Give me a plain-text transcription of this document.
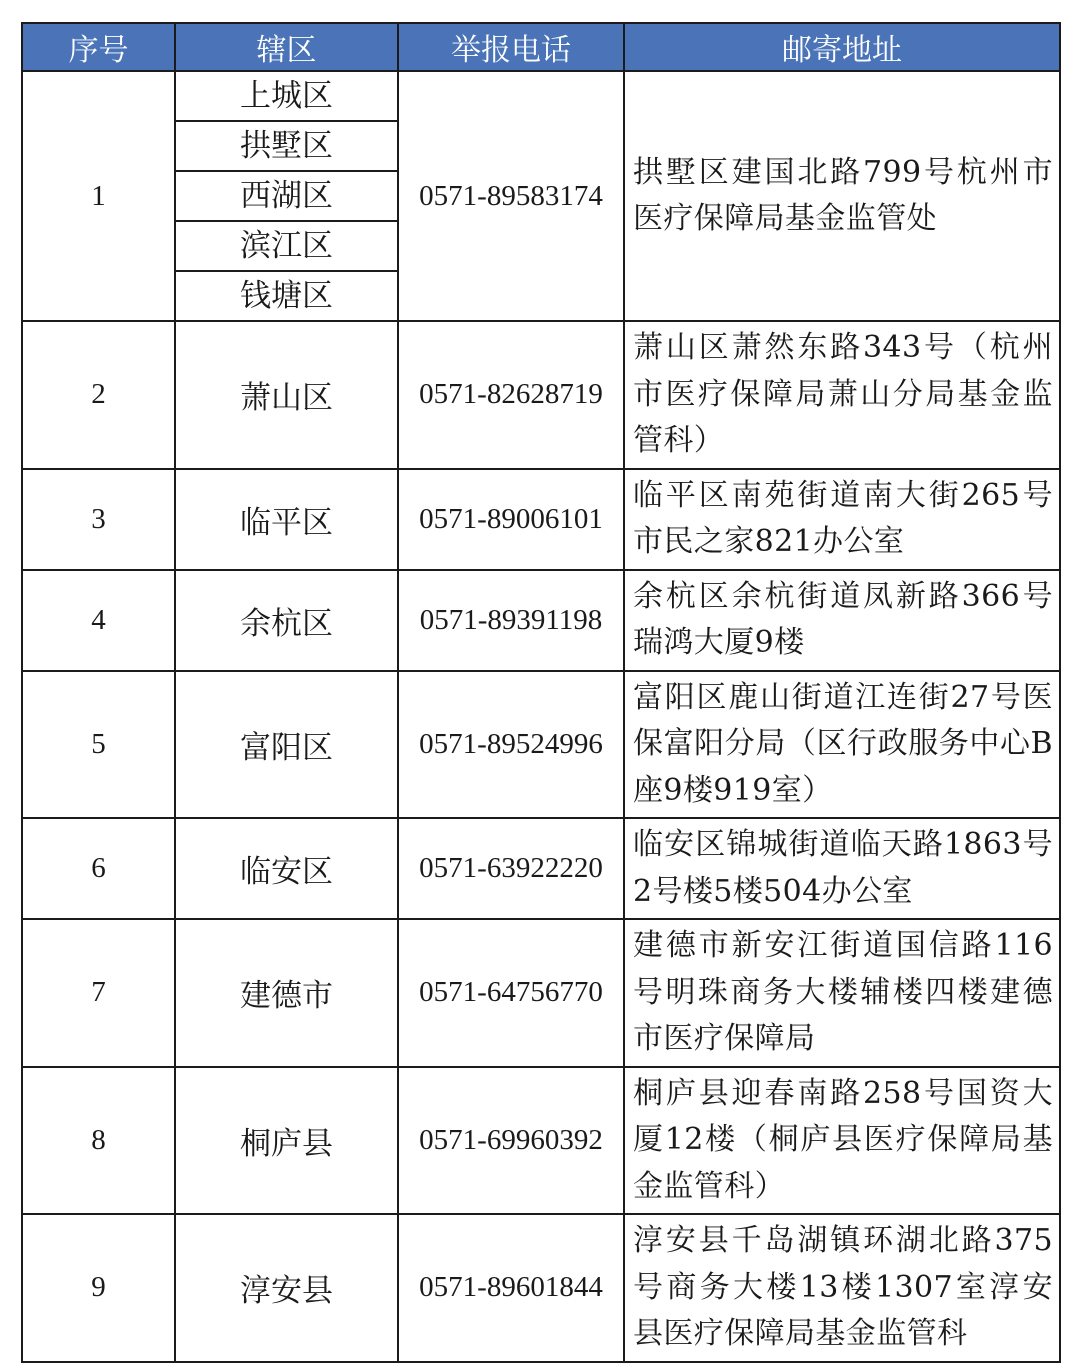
序号	辖区	举报电话	邮寄地址
1	上城区
拱墅区
西湖区
滨江区
钱塘区	0571-89583174	拱墅区建国北路799号杭州市医疗保障局基金监管处
2	萧山区	0571-82628719	萧山区萧然东路343号（杭州市医疗保障局萧山分局基金监管科）
3	临平区	0571-89006101	临平区南苑街道南大街265号市民之家821办公室
4	余杭区	0571-89391198	余杭区余杭街道凤新路366号瑞鸿大厦9楼
5	富阳区	0571-89524996	富阳区鹿山街道江连街27号医保富阳分局（区行政服务中心B座9楼919室）
6	临安区	0571-63922220	临安区锦城街道临天路1863号2号楼5楼504办公室
7	建德市	0571-64756770	建德市新安江街道国信路116号明珠商务大楼辅楼四楼建德市医疗保障局
8	桐庐县	0571-69960392	桐庐县迎春南路258号国资大厦12楼（桐庐县医疗保障局基金监管科）
9	淳安县	0571-89601844	淳安县千岛湖镇环湖北路375号商务大楼13楼1307室淳安县医疗保障局基金监管科
